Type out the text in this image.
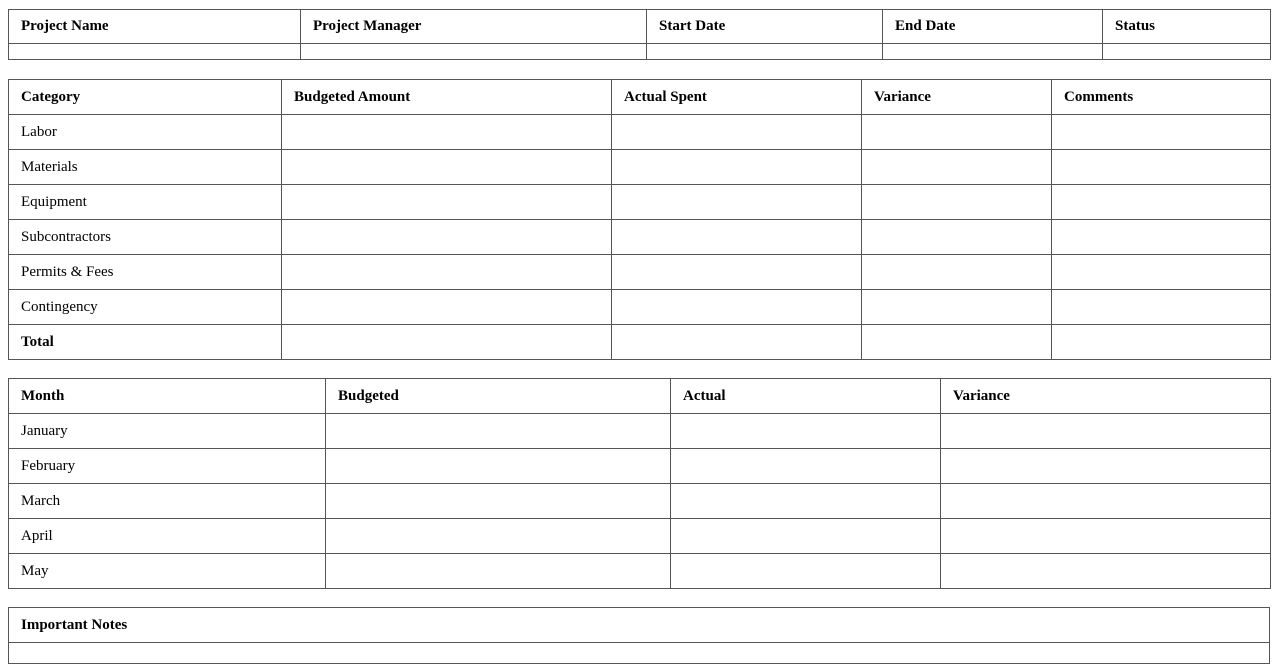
Project Name	Project Manager	Start Date	End Date	Status

Category	Budgeted Amount	Actual Spent	Variance	Comments
Labor				
Materials				
Equipment				
Subcontractors				
Permits & Fees				
Contingency				
Total				
Month	Budgeted	Actual	Variance
January			
February			
March			
April			
May			
Important Notes
